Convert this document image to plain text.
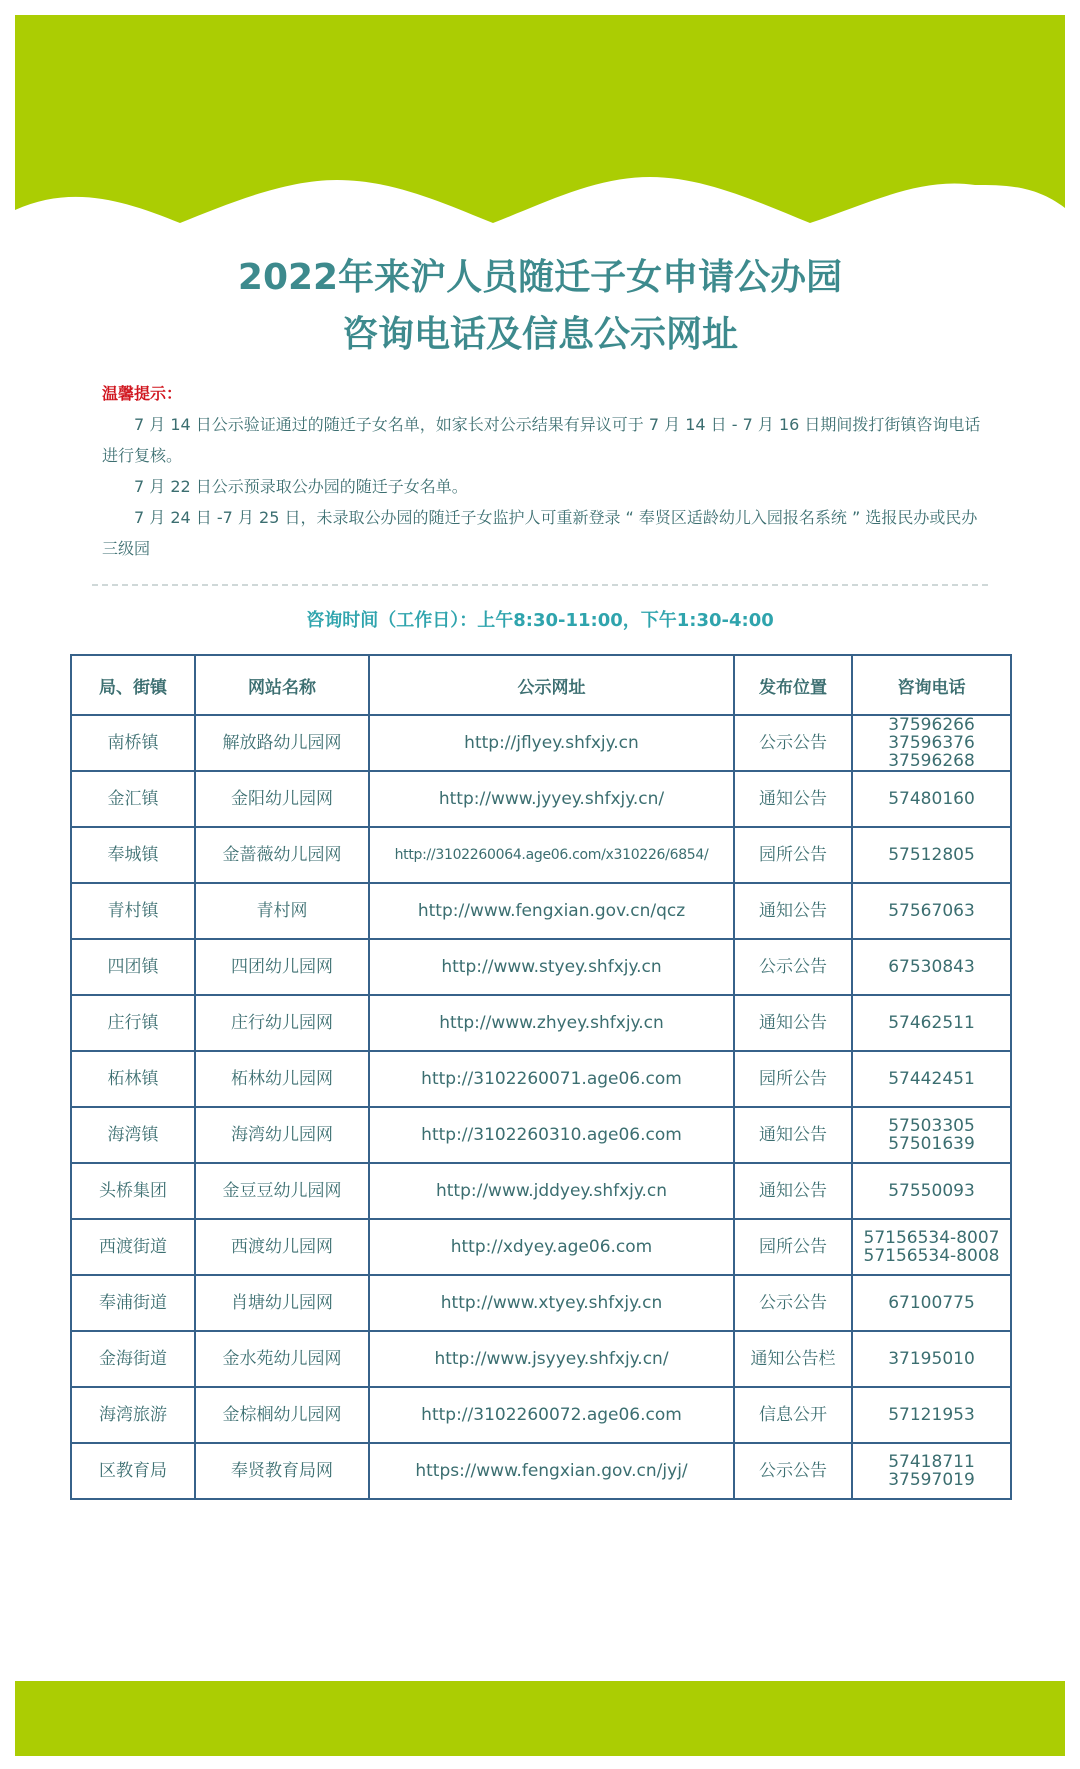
2022年来沪人员随迁子女申请公办园
咨询电话及信息公示网址
温馨提示：

7 月 14 日公示验证通过的随迁子女名单，如家长对公示结果有异议可于 7 月 14 日 - 7 月 16 日期间拨打街镇咨询电话进行复核。

7 月 22 日公示预录取公办园的随迁子女名单。

7 月 24 日 -7 月 25 日，未录取公办园的随迁子女监护人可重新登录 “ 奉贤区适龄幼儿入园报名系统 ” 选报民办或民办三级园

咨询时间（工作日）：上午8:30-11:00，下午1:30-4:00
局、街镇	网站名称	公示网址	发布位置	咨询电话
南桥镇	解放路幼儿园网	http://jflyey.shfxjy.cn	公示公告	37596266
37596376
37596268

金汇镇	金阳幼儿园网	http://www.jyyey.shfxjy.cn/	通知公告	57480160

奉城镇	金蔷薇幼儿园网	http://3102260064.age06.com/x310226/6854/	园所公告	57512805

青村镇	青村网	http://www.fengxian.gov.cn/qcz	通知公告	57567063

四团镇	四团幼儿园网	http://www.styey.shfxjy.cn	公示公告	67530843

庄行镇	庄行幼儿园网	http://www.zhyey.shfxjy.cn	通知公告	57462511

柘林镇	柘林幼儿园网	http://3102260071.age06.com	园所公告	57442451

海湾镇	海湾幼儿园网	http://3102260310.age06.com	通知公告	57503305
57501639

头桥集团	金豆豆幼儿园网	http://www.jddyey.shfxjy.cn	通知公告	57550093

西渡街道	西渡幼儿园网	http://xdyey.age06.com	园所公告	57156534-8007
57156534-8008

奉浦街道	肖塘幼儿园网	http://www.xtyey.shfxjy.cn	公示公告	67100775

金海街道	金水苑幼儿园网	http://www.jsyyey.shfxjy.cn/	通知公告栏	37195010

海湾旅游	金棕榈幼儿园网	http://3102260072.age06.com	信息公开	57121953

区教育局	奉贤教育局网	https://www.fengxian.gov.cn/jyj/	公示公告	57418711
37597019
